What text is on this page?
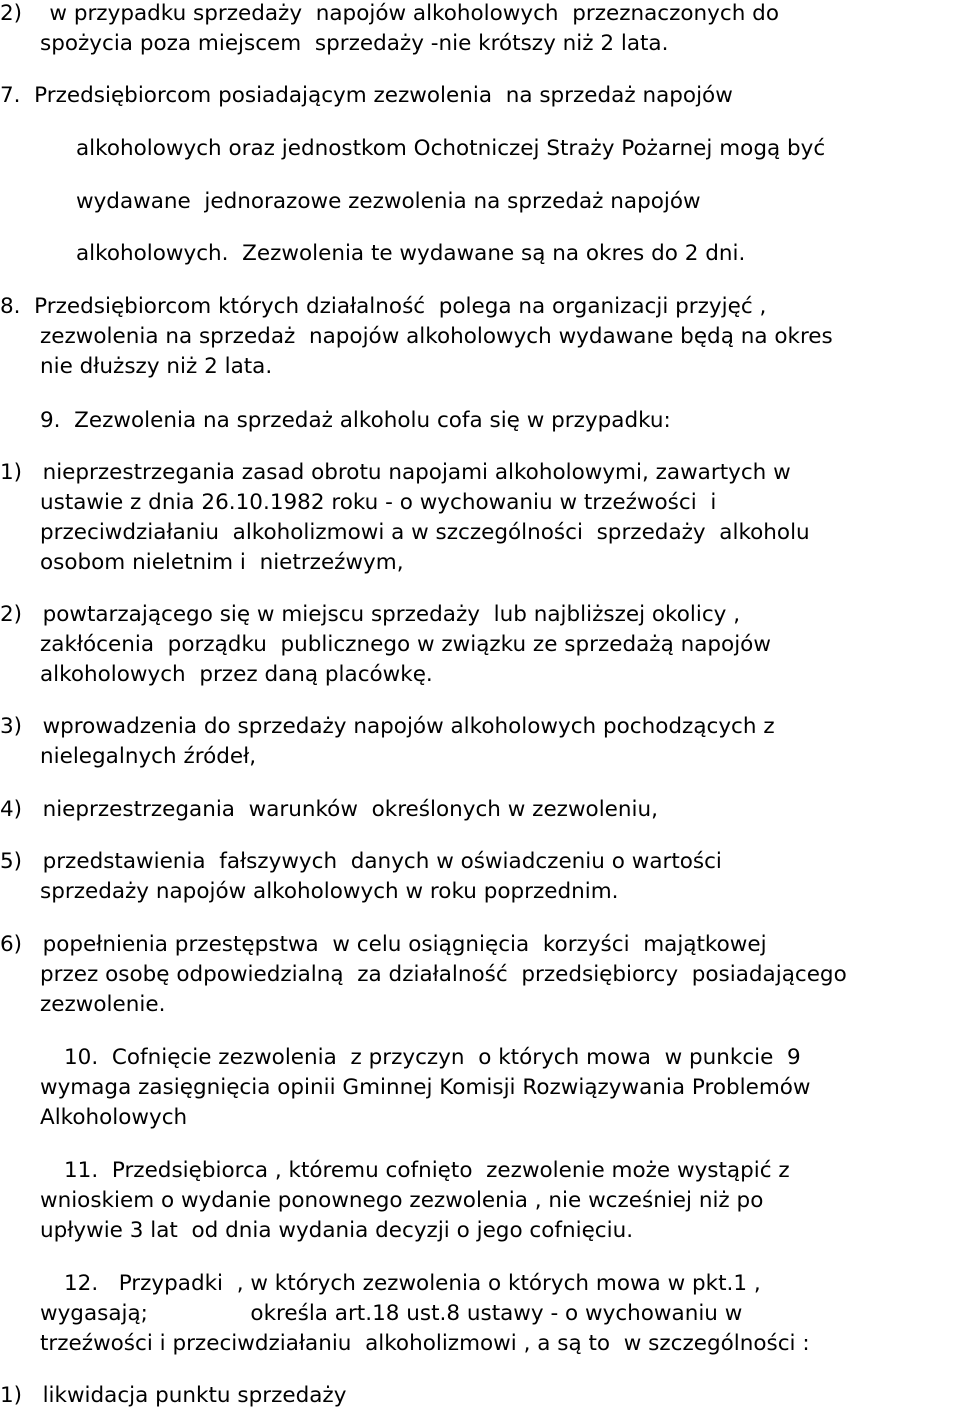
2)    w przypadku sprzedaży  napojów alkoholowych  przeznaczonych do
spożycia poza miejscem  sprzedaży -nie krótszy niż 2 lata.
7.  Przedsiębiorcom posiadającym zezwolenia  na sprzedaż napojów
alkoholowych oraz jednostkom Ochotniczej Straży Pożarnej mogą być
wydawane  jednorazowe zezwolenia na sprzedaż napojów
alkoholowych.  Zezwolenia te wydawane są na okres do 2 dni.
8.  Przedsiębiorcom których działalność  polega na organizacji przyjęć ,
zezwolenia na sprzedaż  napojów alkoholowych wydawane będą na okres
nie dłuższy niż 2 lata.
9.  Zezwolenia na sprzedaż alkoholu cofa się w przypadku:
1)   nieprzestrzegania zasad obrotu napojami alkoholowymi, zawartych w
ustawie z dnia 26.10.1982 roku - o wychowaniu w trzeźwości  i
przeciwdziałaniu  alkoholizmowi a w szczególności  sprzedaży  alkoholu
osobom nieletnim i  nietrzeźwym,
2)   powtarzającego się w miejscu sprzedaży  lub najbliższej okolicy ,
zakłócenia  porządku  publicznego w związku ze sprzedażą napojów
alkoholowych  przez daną placówkę.
3)   wprowadzenia do sprzedaży napojów alkoholowych pochodzących z
nielegalnych źródeł,
4)   nieprzestrzegania  warunków  określonych w zezwoleniu,
5)   przedstawienia  fałszywych  danych w oświadczeniu o wartości
sprzedaży napojów alkoholowych w roku poprzednim.
6)   popełnienia przestępstwa  w celu osiągnięcia  korzyści  majątkowej
przez osobę odpowiedzialną  za działalność  przedsiębiorcy  posiadającego
zezwolenie.
10.  Cofnięcie zezwolenia  z przyczyn  o których mowa  w punkcie  9
wymaga zasięgnięcia opinii Gminnej Komisji Rozwiązywania Problemów
Alkoholowych
11.  Przedsiębiorca , któremu cofnięto  zezwolenie może wystąpić z
wnioskiem o wydanie ponownego zezwolenia , nie wcześniej niż po
upływie 3 lat  od dnia wydania decyzji o jego cofnięciu.
12.   Przypadki  , w których zezwolenia o których mowa w pkt.1 ,
wygasają;               określa art.18 ust.8 ustawy - o wychowaniu w
trzeźwości i przeciwdziałaniu  alkoholizmowi , a są to  w szczególności :
1)   likwidacja punktu sprzedaży
